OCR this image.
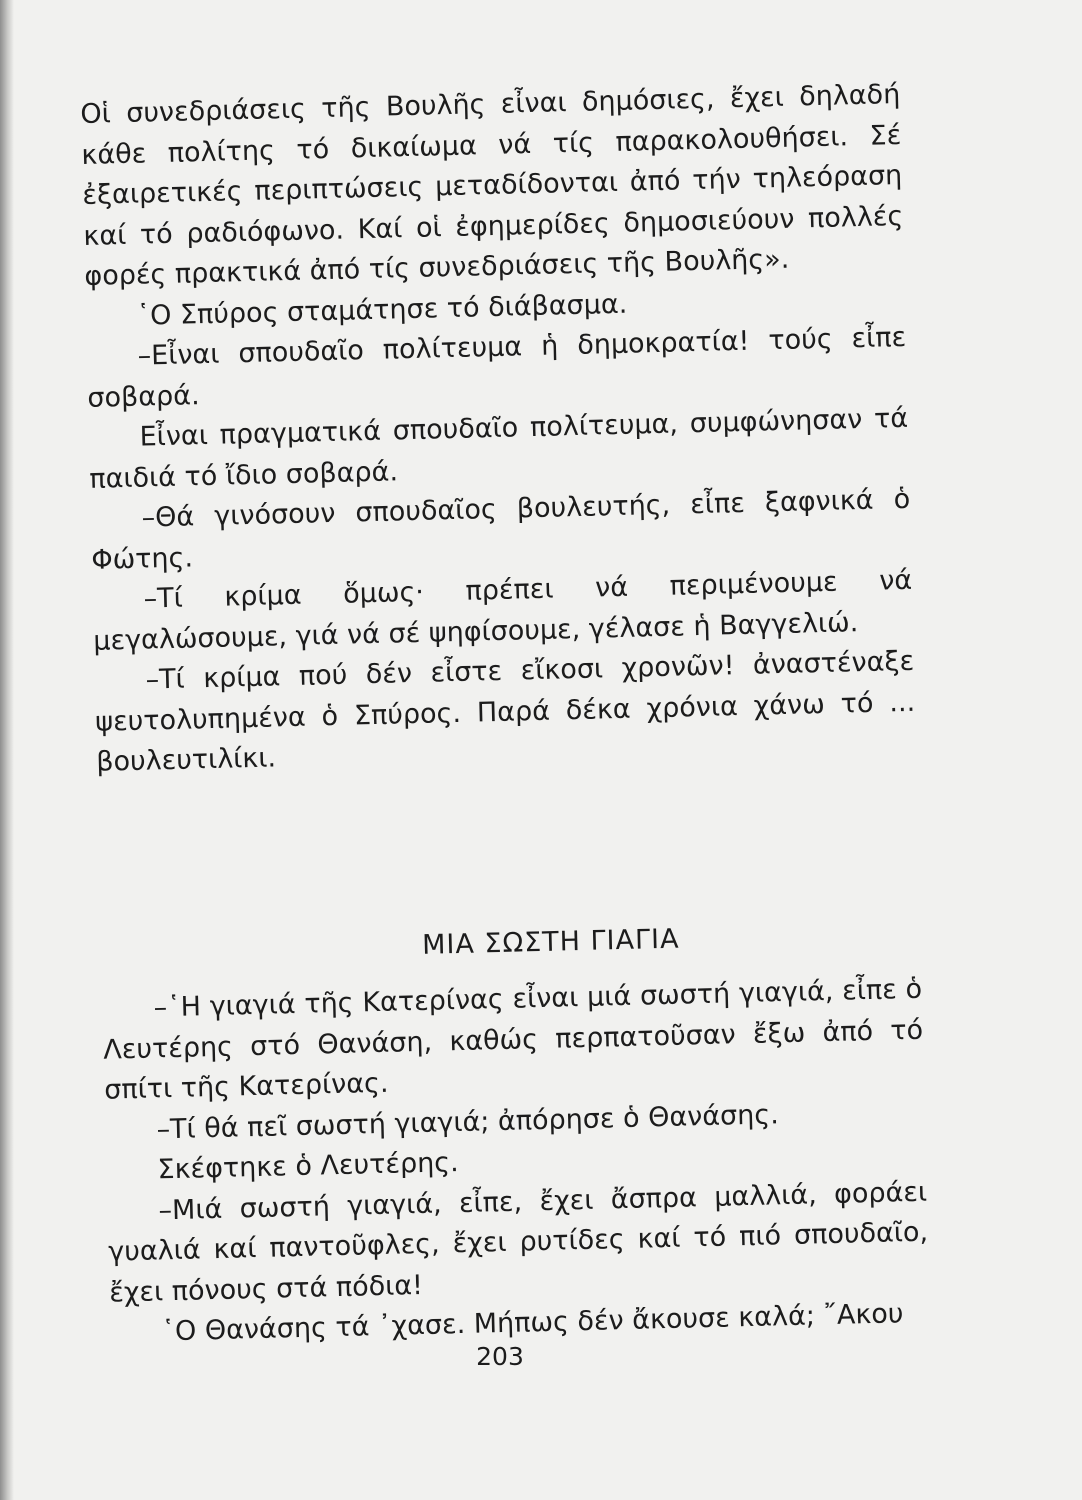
Οἱ συνεδριάσεις τῆς Βουλῆς εἶναι δημόσιες, ἔχει δηλαδή κάθε πολίτης τό δικαίωμα νά τίς παρακολουθήσει. Σέ ἐξαιρετικές περιπτώσεις μεταδίδονται ἀπό τήν τηλεόραση καί τό ραδιόφωνο. Καί οἱ ἐφημερίδες δημοσιεύουν πολλές φορές πρακτικά ἀπό τίς συνεδριάσεις τῆς Βουλῆς».

῾Ο Σπύρος σταμάτησε τό διάβασμα.

–Εἶναι σπουδαῖο πολίτευμα ἡ δημοκρατία! τούς εἶπε σοβαρά.

Εἶναι πραγματικά σπουδαῖο πολίτευμα, συμφώνησαν τά παιδιά τό ἴδιο σοβαρά.

–Θά γινόσουν σπουδαῖος βουλευτής, εἶπε ξαφνικά ὁ Φώτης.

–Τί κρίμα ὅμως· πρέπει νά περιμένουμε νά μεγαλώσουμε, γιά νά σέ ψηφίσουμε, γέλασε ἡ Βαγγελιώ.

–Τί κρίμα πού δέν εἶστε εἴκοσι χρονῶν! ἀναστέναξε ψευτολυπημένα ὁ Σπύρος. Παρά δέκα χρόνια χάνω τό ... βουλευτιλίκι.

ΜΙΑ ΣΩΣΤΗ ΓΙΑΓΙΑ

–῾Η γιαγιά τῆς Κατερίνας εἶναι μιά σωστή γιαγιά, εἶπε ὁ Λευτέρης στό Θανάση, καθώς περπατοῦσαν ἔξω ἀπό τό σπίτι τῆς Κατερίνας.

–Τί θά πεῖ σωστή γιαγιά; ἀπόρησε ὁ Θανάσης.

Σκέφτηκε ὁ Λευτέρης.

–Μιά σωστή γιαγιά, εἶπε, ἔχει ἄσπρα μαλλιά, φοράει γυαλιά καί παντοῦφλες, ἔχει ρυτίδες καί τό πιό σπουδαῖο, ἔχει πόνους στά πόδια!

῾Ο Θανάσης τά ᾿χασε. Μήπως δέν ἄκουσε καλά; ῎Ακου

203
